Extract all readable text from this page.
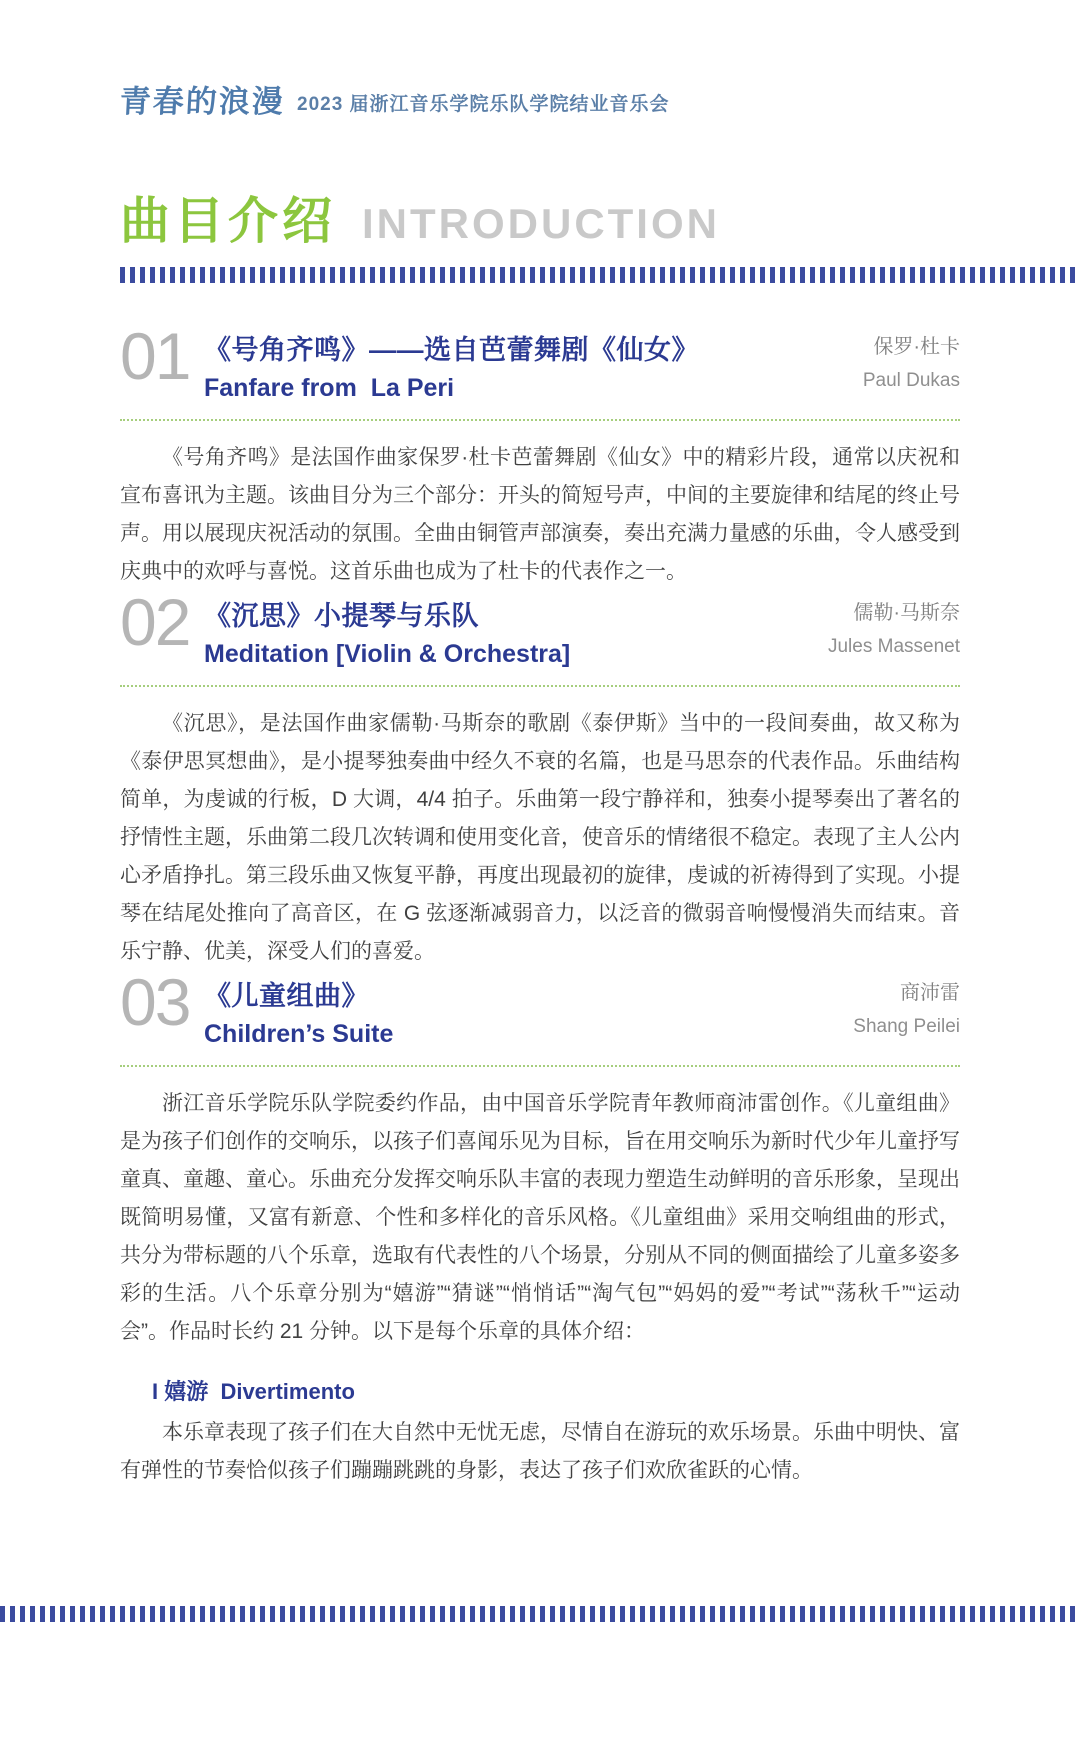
青春的浪漫 2023 届浙江音乐学院乐队学院结业音乐会
曲目介绍 INTRODUCTION
01 《号角齐鸣》——选自芭蕾舞剧《仙女》
Fanfare from  La Peri
保罗·杜卡
Paul Dukas

《号角齐鸣》是法国作曲家保罗·杜卡芭蕾舞剧《仙女》中的精彩片段，通常以庆祝和宣布喜讯为主题。该曲目分为三个部分：开头的简短号声，中间的主要旋律和结尾的终止号声。用以展现庆祝活动的氛围。全曲由铜管声部演奏，奏出充满力量感的乐曲，令人感受到庆典中的欢呼与喜悦。这首乐曲也成为了杜卡的代表作之一。

02 《沉思》小提琴与乐队
Meditation [Violin & Orchestra]
儒勒·马斯奈
Jules Massenet

《沉思》，是法国作曲家儒勒·马斯奈的歌剧《泰伊斯》当中的一段间奏曲，故又称为《泰伊思冥想曲》，是小提琴独奏曲中经久不衰的名篇，也是马思奈的代表作品。乐曲结构简单，为虔诚的行板，D 大调，4/4 拍子。乐曲第一段宁静祥和，独奏小提琴奏出了著名的抒情性主题，乐曲第二段几次转调和使用变化音，使音乐的情绪很不稳定。表现了主人公内心矛盾挣扎。第三段乐曲又恢复平静，再度出现最初的旋律，虔诚的祈祷得到了实现。小提琴在结尾处推向了高音区，在 G 弦逐渐减弱音力，以泛音的微弱音响慢慢消失而结束。音乐宁静、优美，深受人们的喜爱。

03 《儿童组曲》
Children’s Suite
商沛雷
Shang Peilei

浙江音乐学院乐队学院委约作品，由中国音乐学院青年教师商沛雷创作。《儿童组曲》是为孩子们创作的交响乐，以孩子们喜闻乐见为目标，旨在用交响乐为新时代少年儿童抒写童真、童趣、童心。乐曲充分发挥交响乐队丰富的表现力塑造生动鲜明的音乐形象，呈现出既简明易懂，又富有新意、个性和多样化的音乐风格。《儿童组曲》采用交响组曲的形式，共分为带标题的八个乐章，选取有代表性的八个场景，分别从不同的侧面描绘了儿童多姿多彩的生活。八个乐章分别为“嬉游”“猜谜”“悄悄话”“淘气包”“妈妈的爱”“考试”“荡秋千”“运动会”。作品时长约 21 分钟。以下是每个乐章的具体介绍：

I 嬉游  Divertimento

本乐章表现了孩子们在大自然中无忧无虑，尽情自在游玩的欢乐场景。乐曲中明快、富有弹性的节奏恰似孩子们蹦蹦跳跳的身影，表达了孩子们欢欣雀跃的心情。
